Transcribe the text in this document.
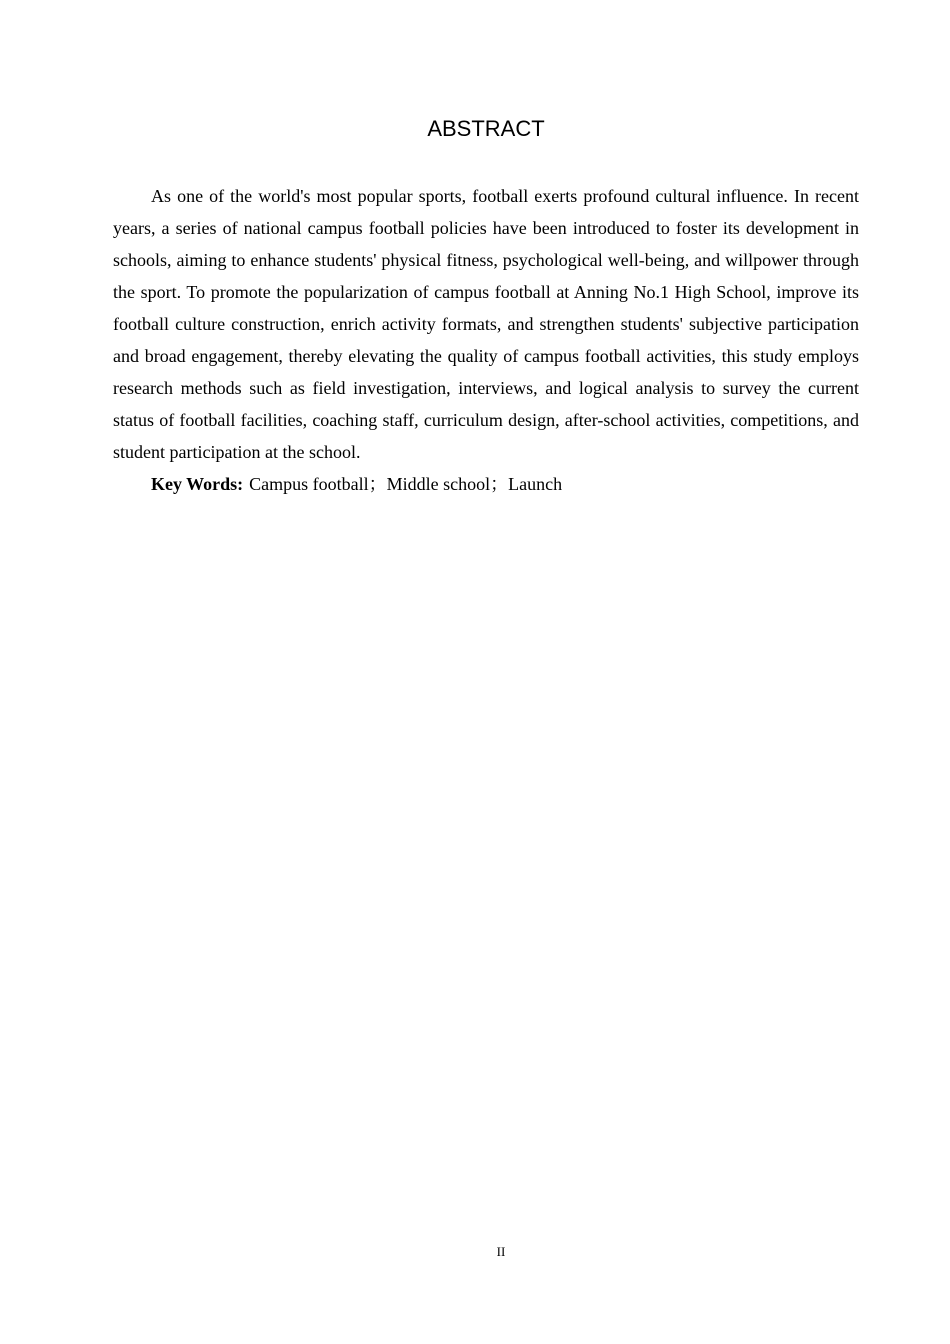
ABSTRACT

As one of the world's most popular sports, football exerts profound cultural influence. In recent years, a series of national campus football policies have been introduced to foster its development in schools, aiming to enhance students' physical fitness, psychological well-being, and willpower through the sport. To promote the popularization of campus football at Anning No.1 High School, improve its football culture construction, enrich activity formats, and strengthen students' subjective participation and broad engagement, thereby elevating the quality of campus football activities, this study employs research methods such as field investigation, interviews, and logical analysis to survey the current status of football facilities, coaching staff, curriculum design, after-school activities, competitions, and student participation at the school.

Key Words: Campus football；Middle school；Launch

II
